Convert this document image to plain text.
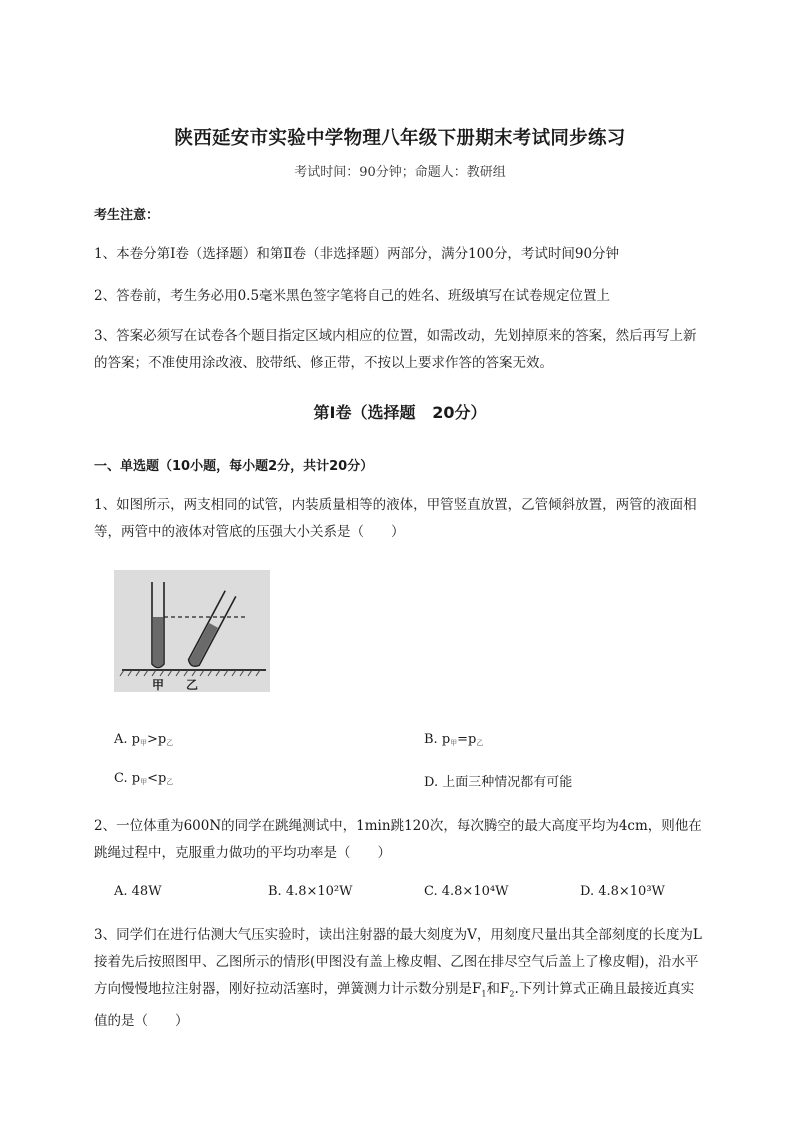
陕西延安市实验中学物理八年级下册期末考试同步练习
考试时间：90分钟；命题人：教研组
考生注意：
1、本卷分第I卷（选择题）和第Ⅱ卷（非选择题）两部分，满分100分，考试时间90分钟
2、答卷前，考生务必用0.5毫米黑色签字笔将自己的姓名、班级填写在试卷规定位置上
3、答案必须写在试卷各个题目指定区域内相应的位置，如需改动，先划掉原来的答案，然后再写上新的答案；不准使用涂改液、胶带纸、修正带，不按以上要求作答的答案无效。
第I卷（选择题   20分）
一、单选题（10小题，每小题2分，共计20分）
1、如图所示，两支相同的试管，内装质量相等的液体，甲管竖直放置，乙管倾斜放置，两管的液面相等，两管中的液体对管底的压强大小关系是（　　）
甲 乙
A. $p_甲>p_乙$	B. $p_甲=p_乙$
C. $p_甲<p_乙$	D. 上面三种情况都有可能
2、一位体重为600N的同学在跳绳测试中，1min跳120次，每次腾空的最大高度平均为4cm，则他在跳绳过程中，克服重力做功的平均功率是（　　）
A. 48W	B. 4.8×10²W	C. 4.8×10⁴W	D. 4.8×10³W
3、同学们在进行估测大气压实验时，读出注射器的最大刻度为V，用刻度尺量出其全部刻度的长度为L接着先后按照图甲、乙图所示的情形(甲图没有盖上橡皮帽、乙图在排尽空气后盖上了橡皮帽)，沿水平方向慢慢地拉注射器，刚好拉动活塞时，弹簧测力计示数分别是$F_1$和$F_2$.下列计算式正确且最接近真实值的是（　　）
